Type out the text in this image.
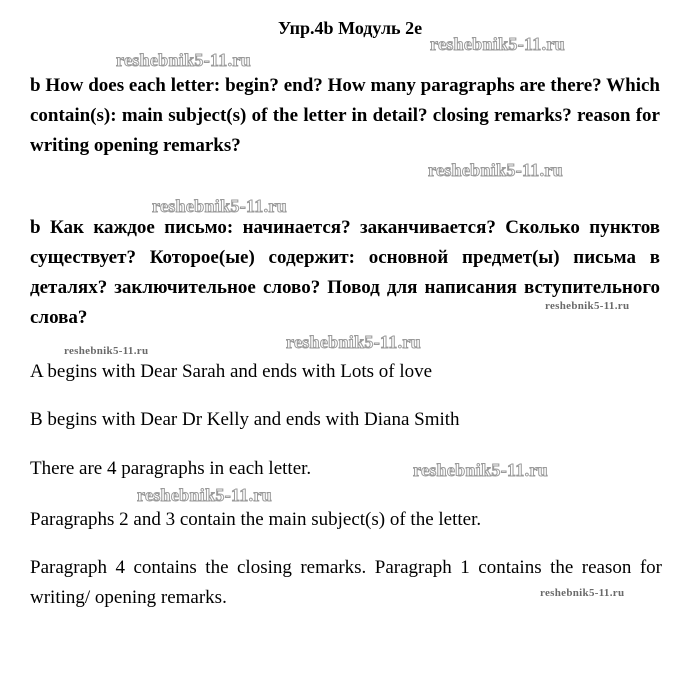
Упр.4b Модуль 2e
b How does each letter: begin? end? How many paragraphs are there? Which contain(s): main subject(s) of the letter in detail? closing remarks? reason for writing opening remarks?
b Как каждое письмо: начинается? заканчивается? Сколько пунктов существует? Которое(ые) содержит: основной предмет(ы) письма в деталях? заключительное слово? Повод для написания вступительного слова?
A begins with Dear Sarah and ends with Lots of love
B begins with Dear Dr Kelly and ends with Diana Smith
There are 4 paragraphs in each letter.
Paragraphs 2 and 3 contain the main subject(s) of the letter.
Paragraph 4 contains the closing remarks. Paragraph 1 contains the reason for writing/ opening remarks.
reshebnik5-11.ru
reshebnik5-11.ru
reshebnik5-11.ru
reshebnik5-11.ru
reshebnik5-11.ru
reshebnik5-11.ru
reshebnik5-11.ru
reshebnik5-11.ru
reshebnik5-11.ru
reshebnik5-11.ru
